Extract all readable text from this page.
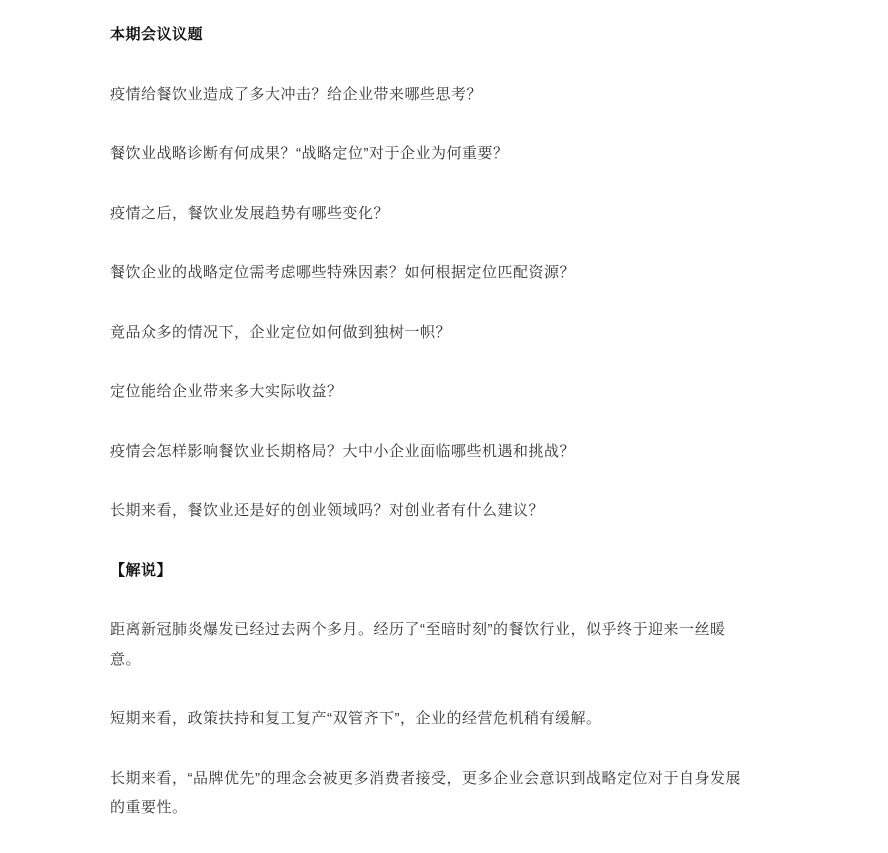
本期会议议题

疫情给餐饮业造成了多大冲击？给企业带来哪些思考？

餐饮业战略诊断有何成果？“战略定位”对于企业为何重要？

疫情之后，餐饮业发展趋势有哪些变化？

餐饮企业的战略定位需考虑哪些特殊因素？如何根据定位匹配资源？

竟品众多的情况下，企业定位如何做到独树一帜？

定位能给企业带来多大实际收益？

疫情会怎样影响餐饮业长期格局？大中小企业面临哪些机遇和挑战？

长期来看，餐饮业还是好的创业领域吗？对创业者有什么建议？

【解说】

距离新冠肺炎爆发已经过去两个多月。经历了“至暗时刻”的餐饮行业，似乎终于迎来一丝暖意。

短期来看，政策扶持和复工复产“双管齐下”，企业的经营危机稍有缓解。

长期来看，“品牌优先”的理念会被更多消费者接受，更多企业会意识到战略定位对于自身发展的重要性。
